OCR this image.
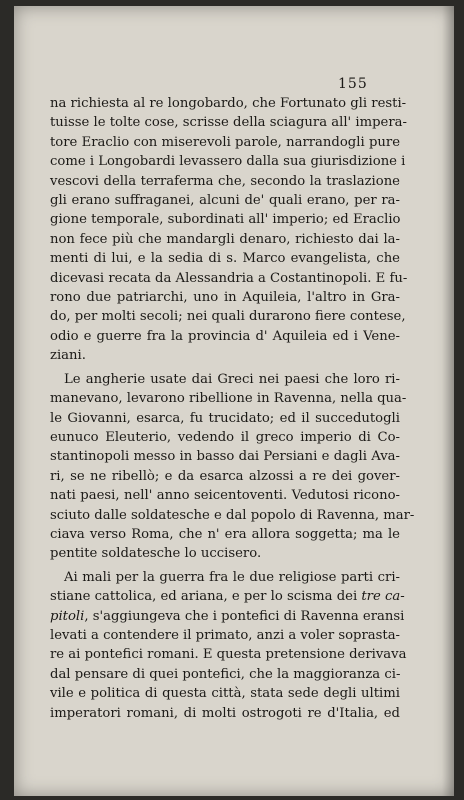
155
na richiesta al re longobardo, che Fortunato gli resti-
tuisse le tolte cose, scrisse della sciagura all' impera-
tore Eraclio con miserevoli parole, narrandogli pure
come i Longobardi levassero dalla sua giurisdizione i
vescovi della terraferma che, secondo la traslazione
gli erano suffraganei, alcuni de' quali erano, per ra-
gione temporale, subordinati all' imperio; ed Eraclio
non fece più che mandargli denaro, richiesto dai la-
menti di lui, e la sedia di s. Marco evangelista, che
dicevasi recata da Alessandria a Costantinopoli. E fu-
rono due patriarchi, uno in Aquileia, l'altro in Gra-
do, per molti secoli; nei quali durarono fiere contese,
odio e guerre fra la provincia d' Aquileia ed i Vene-
ziani.
Le angherie usate dai Greci nei paesi che loro ri-
manevano, levarono ribellione in Ravenna, nella qua-
le Giovanni, esarca, fu trucidato; ed il succedutogli
eunuco Eleuterio, vedendo il greco imperio di Co-
stantinopoli messo in basso dai Persiani e dagli Ava-
ri, se ne ribellò; e da esarca alzossi a re dei gover-
nati paesi, nell' anno seicentoventi. Vedutosi ricono-
sciuto dalle soldatesche e dal popolo di Ravenna, mar-
ciava verso Roma, che n' era allora soggetta; ma le
pentite soldatesche lo uccisero.
Ai mali per la guerra fra le due religiose parti cri-
stiane cattolica, ed ariana, e per lo scisma dei tre ca-
pitoli, s'aggiungeva che i pontefici di Ravenna eransi
levati a contendere il primato, anzi a voler soprasta-
re ai pontefici romani. E questa pretensione derivava
dal pensare di quei pontefici, che la maggioranza ci-
vile e politica di questa città, stata sede degli ultimi
imperatori romani, di molti ostrogoti re d'Italia, ed
